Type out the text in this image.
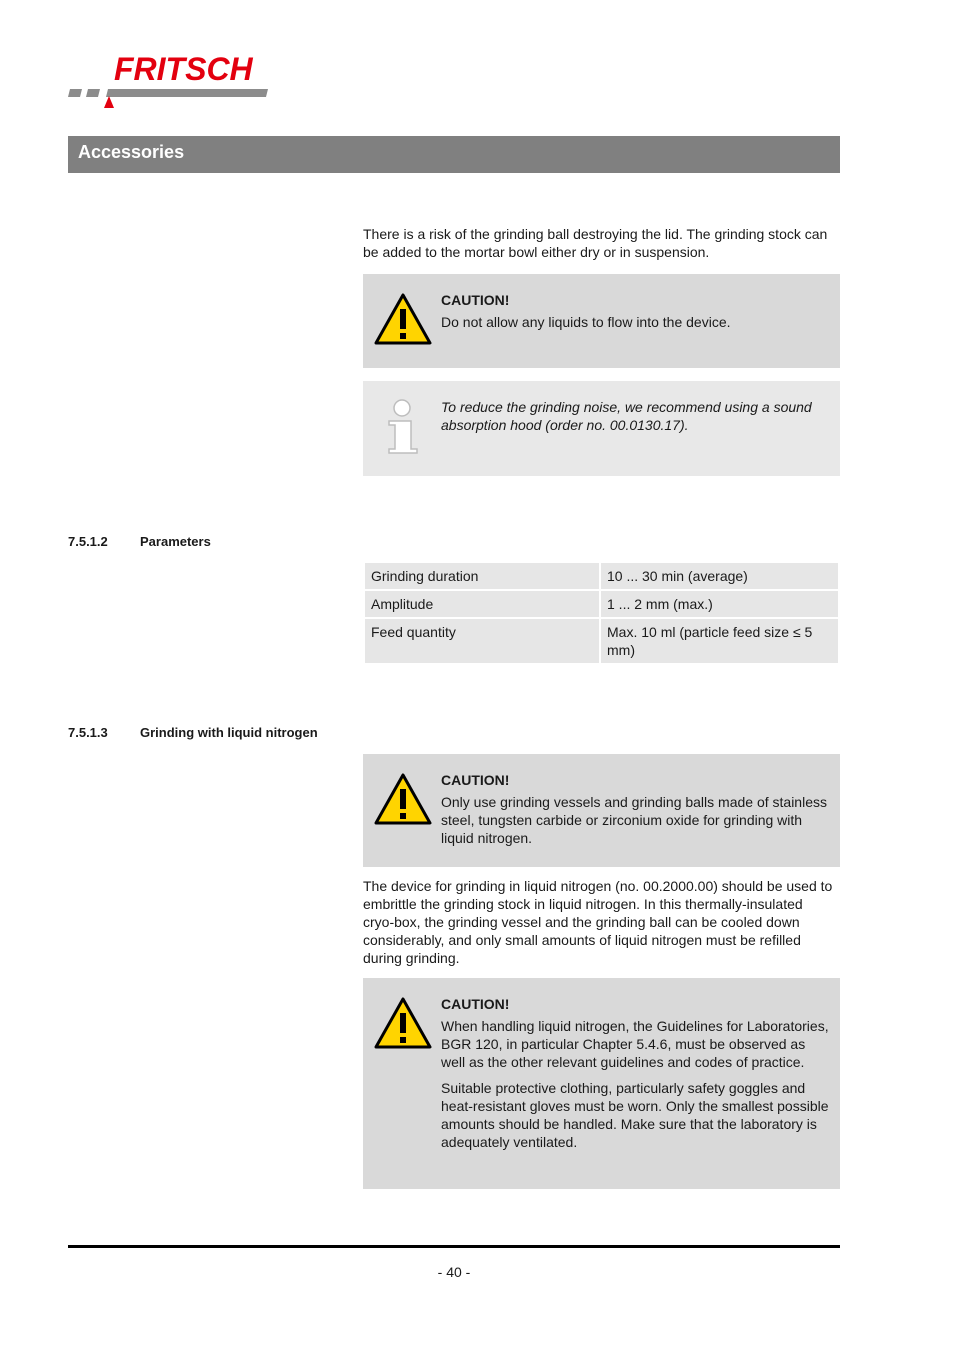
FRITSCH
Accessories
There is a risk of the grinding ball destroying the lid. The grinding stock can be added to the mortar bowl either dry or in suspension.
CAUTION!
Do not allow any liquids to flow into the device.
To reduce the grinding noise, we recommend using a sound absorption hood (order no. 00.0130.17).
7.5.1.2 Parameters
Grinding duration	10 ... 30 min (average)
Amplitude	1 ... 2 mm (max.)
Feed quantity	Max. 10 ml (particle feed size ≤ 5 mm)
7.5.1.3 Grinding with liquid nitrogen
CAUTION!
Only use grinding vessels and grinding balls made of stainless steel, tungsten carbide or zirconium oxide for grinding with liquid nitrogen.
The device for grinding in liquid nitrogen (no. 00.2000.00) should be used to embrittle the grinding stock in liquid nitrogen. In this thermally-insulated cryo-box, the grinding vessel and the grinding ball can be cooled down considerably, and only small amounts of liquid nitrogen must be refilled during grinding.
CAUTION!
When handling liquid nitrogen, the Guidelines for Laboratories, BGR 120, in particular Chapter 5.4.6, must be observed as well as the other relevant guidelines and codes of practice.
Suitable protective clothing, particularly safety goggles and heat-resistant gloves must be worn. Only the smallest possible amounts should be handled. Make sure that the laboratory is adequately ventilated.
- 40 -
